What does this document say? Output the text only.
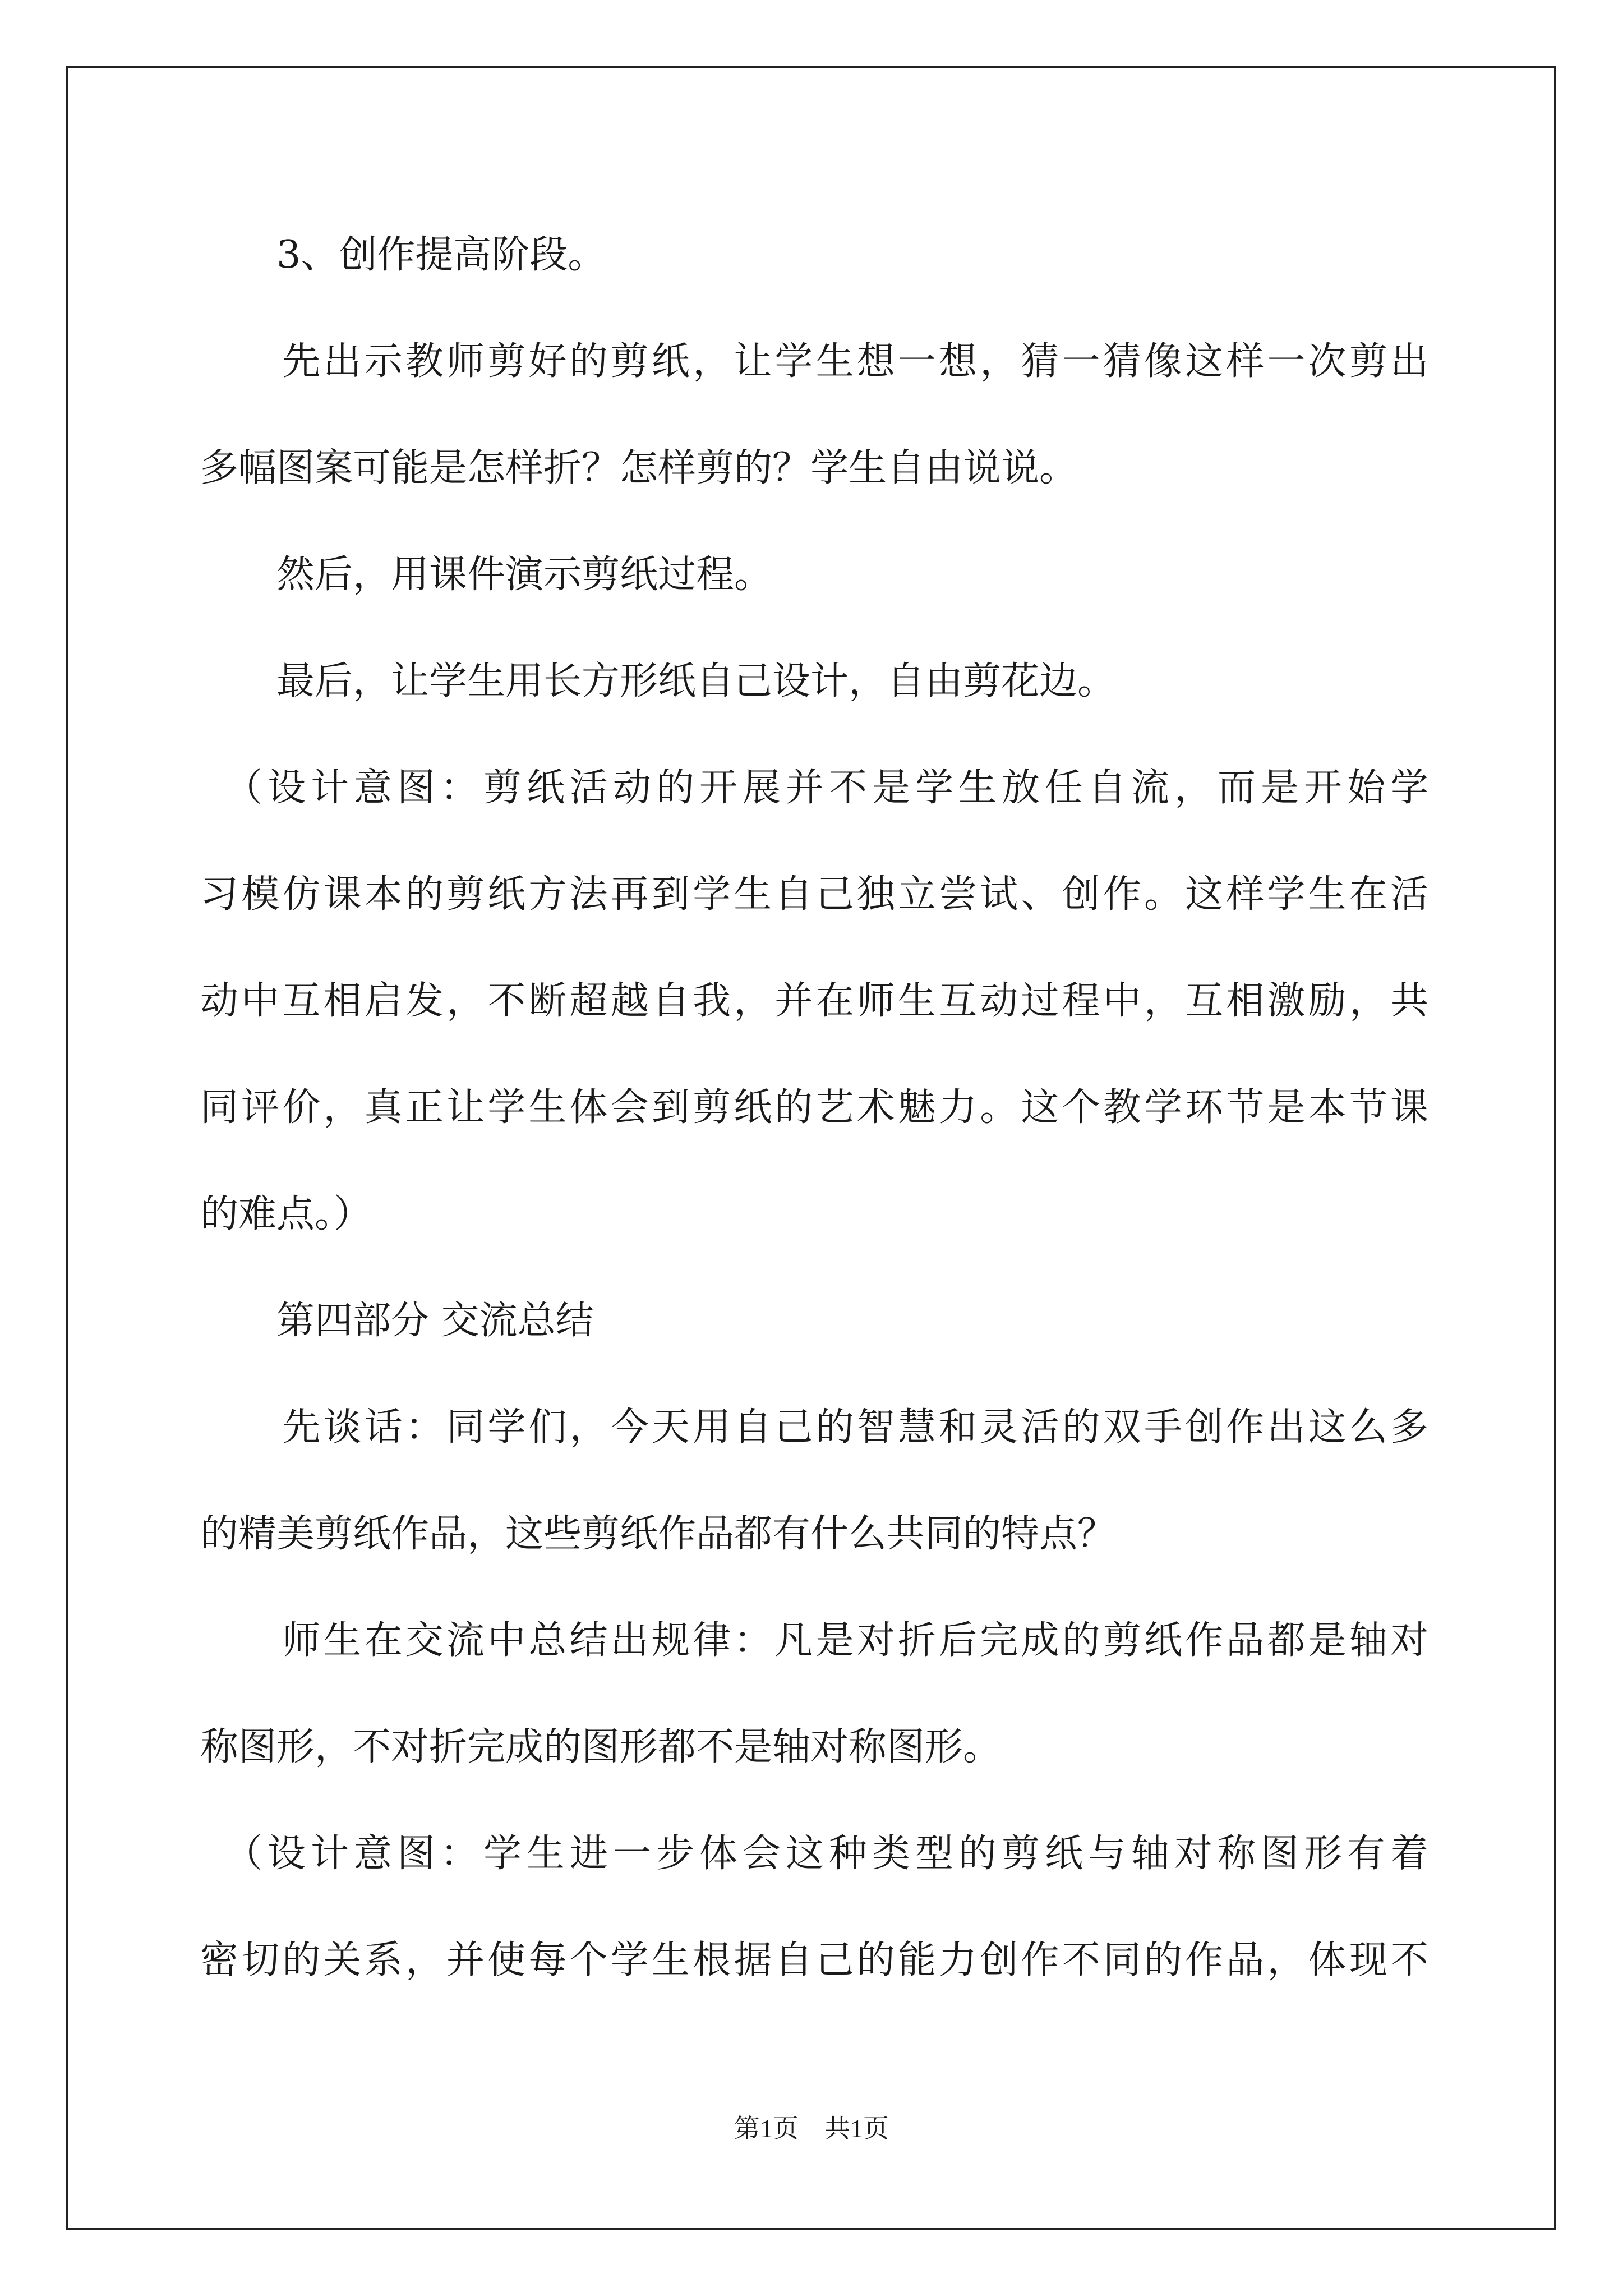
　　3、创作提高阶段。
　　先出示教师剪好的剪纸，让学生想一想，猜一猜像这样一次剪出
多幅图案可能是怎样折？怎样剪的？学生自由说说。
　　然后，用课件演示剪纸过程。
　　最后，让学生用长方形纸自己设计，自由剪花边。
　（设计意图：剪纸活动的开展并不是学生放任自流，而是开始学
习模仿课本的剪纸方法再到学生自己独立尝试、创作。这样学生在活
动中互相启发，不断超越自我，并在师生互动过程中，互相激励，共
同评价，真正让学生体会到剪纸的艺术魅力。这个教学环节是本节课
的难点。）
　　第四部分 交流总结
　　先谈话：同学们，今天用自己的智慧和灵活的双手创作出这么多
的精美剪纸作品，这些剪纸作品都有什么共同的特点？
　　师生在交流中总结出规律：凡是对折后完成的剪纸作品都是轴对
称图形，不对折完成的图形都不是轴对称图形。
　（设计意图：学生进一步体会这种类型的剪纸与轴对称图形有着
密切的关系，并使每个学生根据自己的能力创作不同的作品，体现不
第1页　共1页
